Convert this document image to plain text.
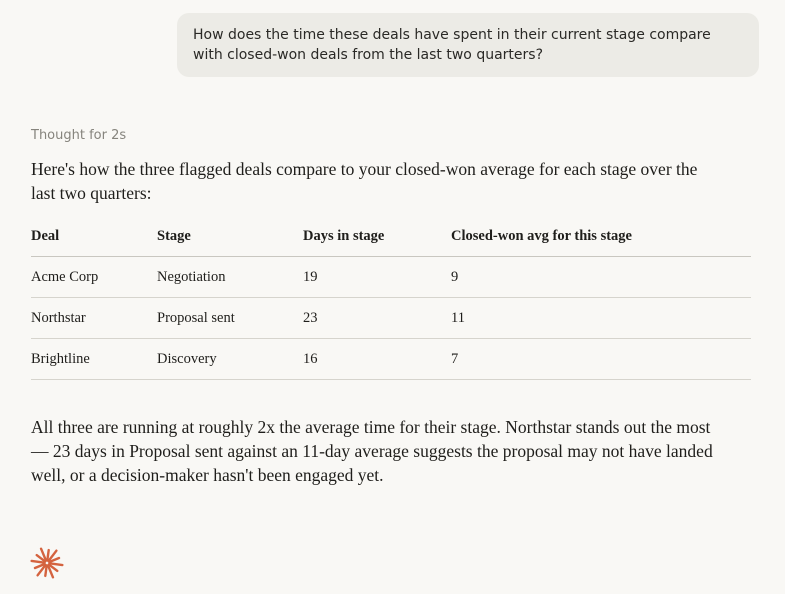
How does the time these deals have spent in their current stage compare with closed-won deals from the last two quarters?
Thought for 2s
Here's how the three flagged deals compare to your closed-won average for each stage over the last two quarters:
Deal	Stage	Days in stage	Closed-won avg for this stage
Acme Corp	Negotiation	19	9
Northstar	Proposal sent	23	11
Brightline	Discovery	16	7
All three are running at roughly 2x the average time for their stage. Northstar stands out the most — 23 days in Proposal sent against an 11-day average suggests the proposal may not have landed well, or a decision-maker hasn't been engaged yet.
